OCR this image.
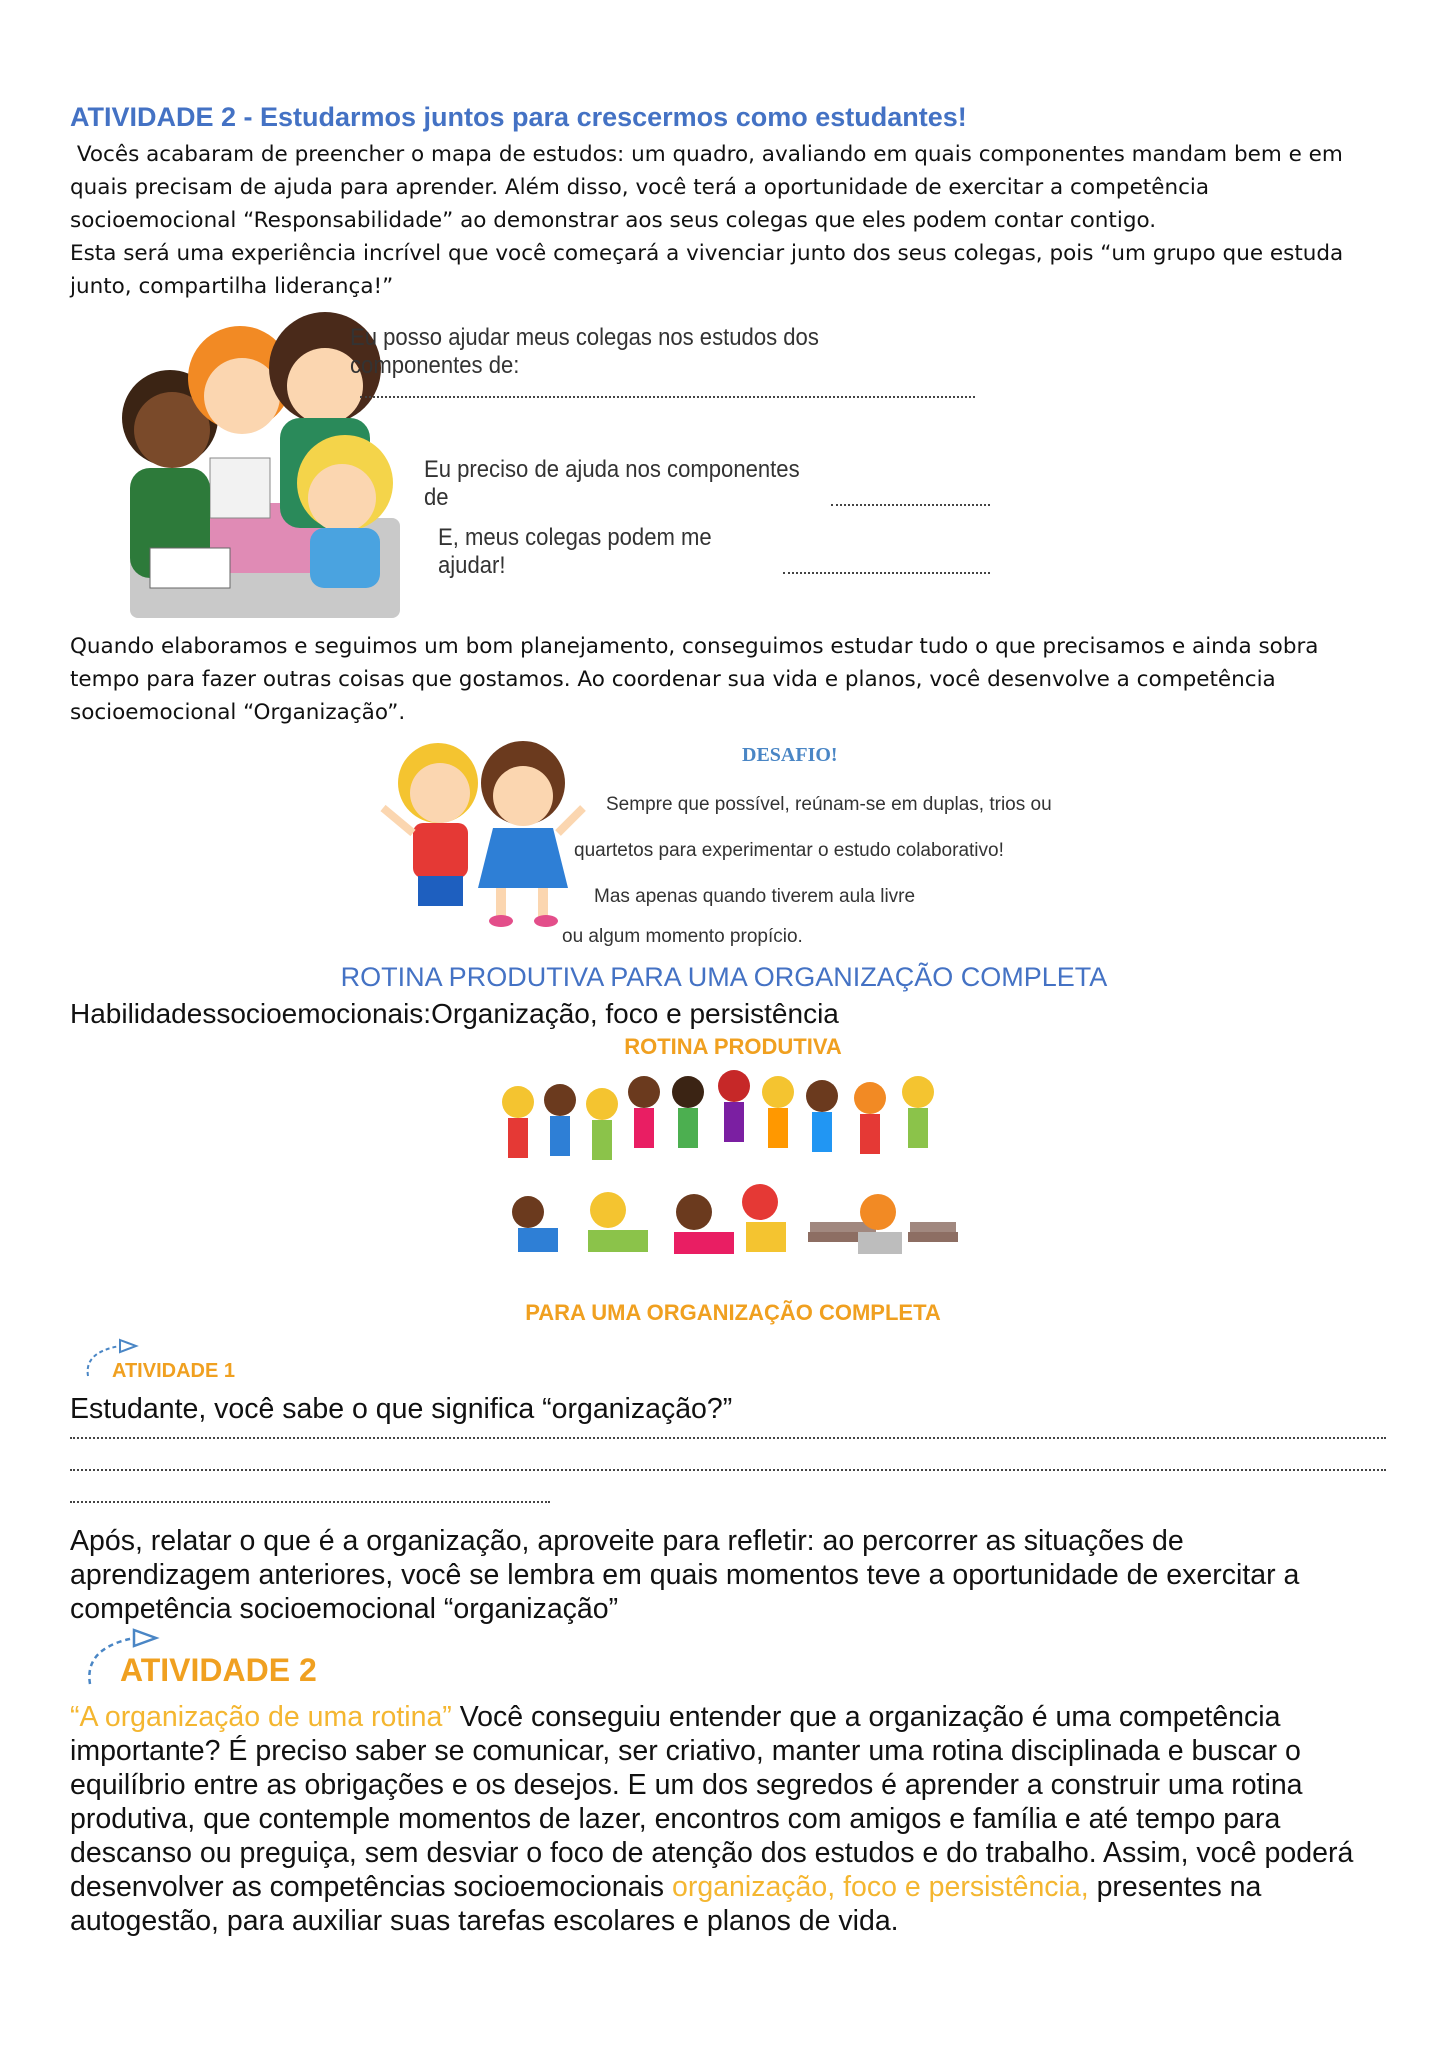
ATIVIDADE 2 - Estudarmos juntos para crescermos como estudantes!
Vocês acabaram de preencher o mapa de estudos: um quadro, avaliando em quais componentes mandam bem e em quais precisam de ajuda para aprender. Além disso, você terá a oportunidade de exercitar a competência socioemocional “Responsabilidade” ao demonstrar aos seus colegas que eles podem contar contigo.
Esta será uma experiência incrível que você começará a vivenciar junto dos seus colegas, pois “um grupo que estuda junto, compartilha liderança!”
Eu posso ajudar meus colegas nos estudos dos componentes de:
Eu preciso de ajuda nos componentes de
E, meus colegas podem me ajudar!
Quando elaboramos e seguimos um bom planejamento, conseguimos estudar tudo o que precisamos e ainda sobra tempo para fazer outras coisas que gostamos. Ao coordenar sua vida e planos, você desenvolve a competência socioemocional “Organização”.
DESAFIO!
Sempre que possível, reúnam-se em duplas, trios ou
quartetos para experimentar o estudo colaborativo!
Mas apenas quando tiverem aula livre
ou algum momento propício.
ROTINA PRODUTIVA PARA UMA ORGANIZAÇÃO COMPLETA
Habilidadessocioemocionais:Organização, foco e persistência
ROTINA PRODUTIVA
PARA UMA ORGANIZAÇÃO COMPLETA
ATIVIDADE 1
Estudante, você sabe o que significa “organização?”
Após, relatar o que é a organização, aproveite para refletir: ao percorrer as situações de aprendizagem anteriores, você se lembra em quais momentos teve a oportunidade de exercitar a competência socioemocional “organização”
ATIVIDADE 2
“A organização de uma rotina” Você conseguiu entender que a organização é uma competência importante? É preciso saber se comunicar, ser criativo, manter uma rotina disciplinada e buscar o equilíbrio entre as obrigações e os desejos. E um dos segredos é aprender a construir uma rotina produtiva, que contemple momentos de lazer, encontros com amigos e família e até tempo para descanso ou preguiça, sem desviar o foco de atenção dos estudos e do trabalho. Assim, você poderá desenvolver as competências socioemocionais organização, foco e persistência, presentes na autogestão, para auxiliar suas tarefas escolares e planos de vida.
